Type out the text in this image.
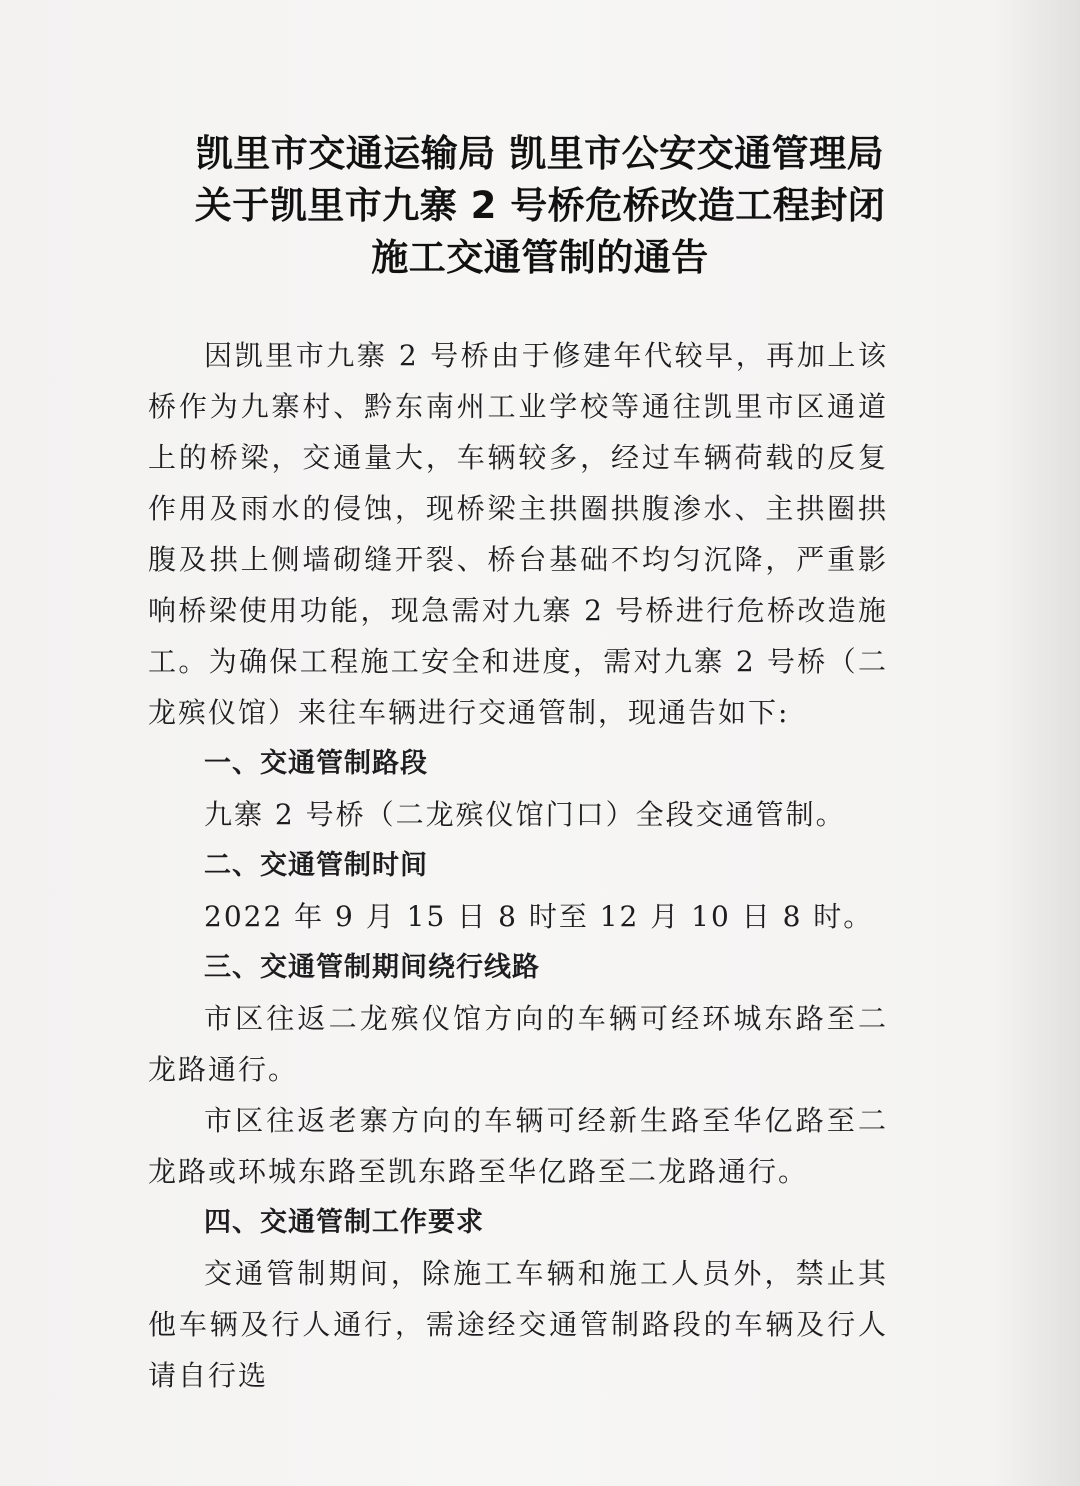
凯里市交通运输局 凯里市公安交通管理局
关于凯里市九寨 2 号桥危桥改造工程封闭
施工交通管制的通告

因凯里市九寨 2 号桥由于修建年代较早，再加上该桥作为九寨村、黔东南州工业学校等通往凯里市区通道上的桥梁，交通量大，车辆较多，经过车辆荷载的反复作用及雨水的侵蚀，现桥梁主拱圈拱腹渗水、主拱圈拱腹及拱上侧墙砌缝开裂、桥台基础不均匀沉降，严重影响桥梁使用功能，现急需对九寨 2 号桥进行危桥改造施工。为确保工程施工安全和进度，需对九寨 2 号桥（二龙殡仪馆）来往车辆进行交通管制，现通告如下:

一、交通管制路段

九寨 2 号桥（二龙殡仪馆门口）全段交通管制。

二、交通管制时间

2022 年 9 月 15 日 8 时至 12 月 10 日 8 时。

三、交通管制期间绕行线路

市区往返二龙殡仪馆方向的车辆可经环城东路至二龙路通行。

市区往返老寨方向的车辆可经新生路至华亿路至二龙路或环城东路至凯东路至华亿路至二龙路通行。

四、交通管制工作要求

交通管制期间，除施工车辆和施工人员外，禁止其他车辆及行人通行，需途经交通管制路段的车辆及行人请自行选
